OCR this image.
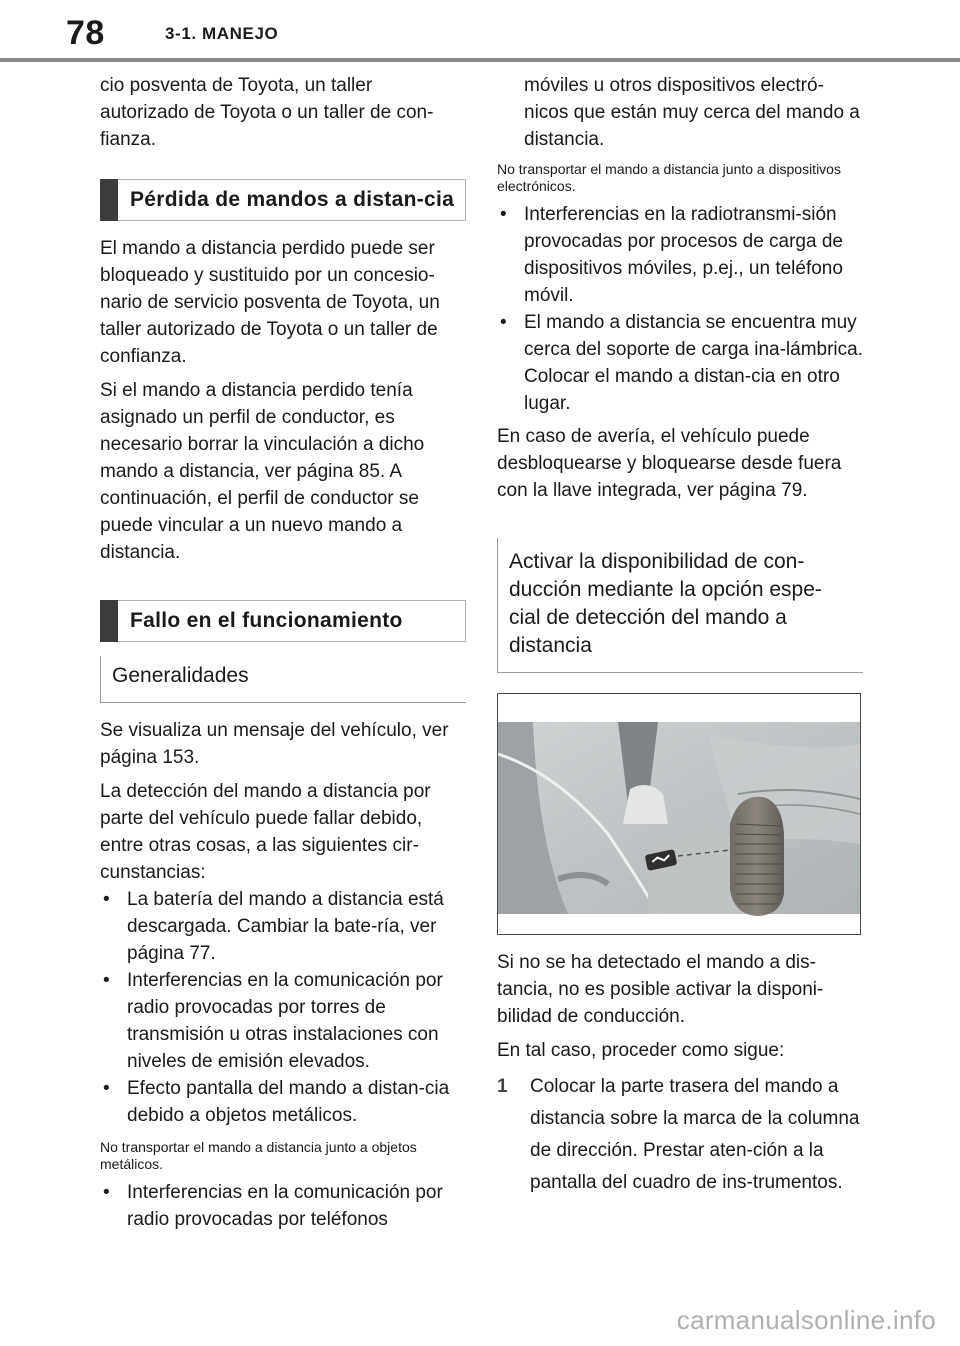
78	3-1. MANEJO

cio posventa de Toyota, un taller autorizado de Toyota o un taller de con-fianza.

Pérdida de mandos a distan-cia

El mando a distancia perdido puede ser bloqueado y sustituido por un concesio-nario de servicio posventa de Toyota, un taller autorizado de Toyota o un taller de confianza.

Si el mando a distancia perdido tenía asignado un perfil de conductor, es necesario borrar la vinculación a dicho mando a distancia, ver página 85. A continuación, el perfil de conductor se puede vincular a un nuevo mando a distancia.

Fallo en el funcionamiento
Generalidades

Se visualiza un mensaje del vehículo, ver página 153.

La detección del mando a distancia por parte del vehículo puede fallar debido, entre otras cosas, a las siguientes cir-cunstancias:

• La batería del mando a distancia está descargada. Cambiar la bate-ría, ver página 77.
• Interferencias en la comunicación por radio provocadas por torres de transmisión u otras instalaciones con niveles de emisión elevados.
• Efecto pantalla del mando a distan-cia debido a objetos metálicos.

No transportar el mando a distancia junto a objetos metálicos.

• Interferencias en la comunicación por radio provocadas por teléfonos

móviles u otros dispositivos electró-nicos que están muy cerca del mando a distancia.

No transportar el mando a distancia junto a dispositivos electrónicos.

• Interferencias en la radiotransmi-sión provocadas por procesos de carga de dispositivos móviles, p.ej., un teléfono móvil.
• El mando a distancia se encuentra muy cerca del soporte de carga ina-lámbrica. Colocar el mando a distan-cia en otro lugar.

En caso de avería, el vehículo puede desbloquearse y bloquearse desde fuera con la llave integrada, ver página 79.

Activar la disponibilidad de con-ducción mediante la opción espe-cial de detección del mando a distancia

Si no se ha detectado el mando a dis-tancia, no es posible activar la disponi-bilidad de conducción.

En tal caso, proceder como sigue:

1 Colocar la parte trasera del mando a distancia sobre la marca de la columna de dirección. Prestar aten-ción a la pantalla del cuadro de ins-trumentos.
carmanualsonline.info
